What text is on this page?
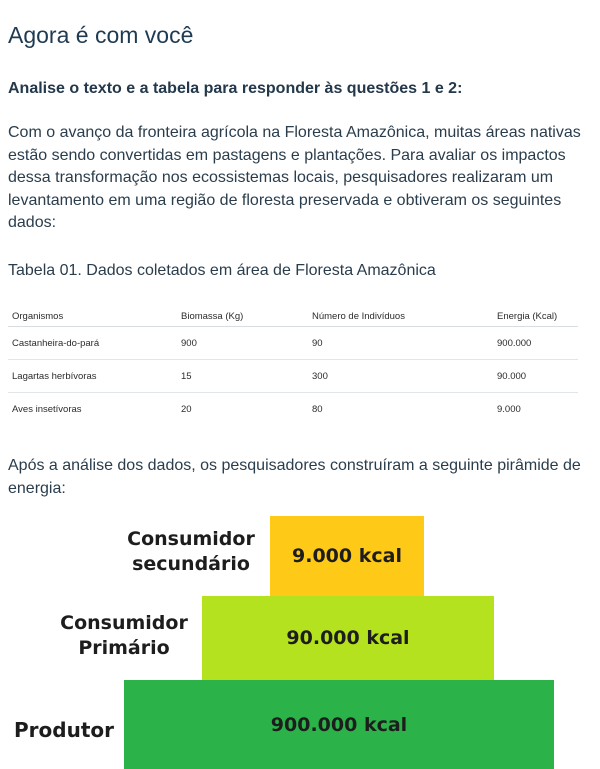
Agora é com você
Analise o texto e a tabela para responder às questões 1 e 2:
Com o avanço da fronteira agrícola na Floresta Amazônica, muitas áreas nativas estão sendo convertidas em pastagens e plantações. Para avaliar os impactos dessa transformação nos ecossistemas locais, pesquisadores realizaram um levantamento em uma região de floresta preservada e obtiveram os seguintes dados:
Tabela 01. Dados coletados em área de Floresta Amazônica
Organismos	Biomassa (Kg)	Número de Indivíduos	Energia (Kcal)
Castanheira-do-pará	900	90	900.000
Lagartas herbívoras	15	300	90.000
Aves insetívoras	20	80	9.000
Após a análise dos dados, os pesquisadores construíram a seguinte pirâmide de energia:
Consumidor
secundário	9.000 kcal
Consumidor
Primário	90.000 kcal
Produtor	900.000 kcal
